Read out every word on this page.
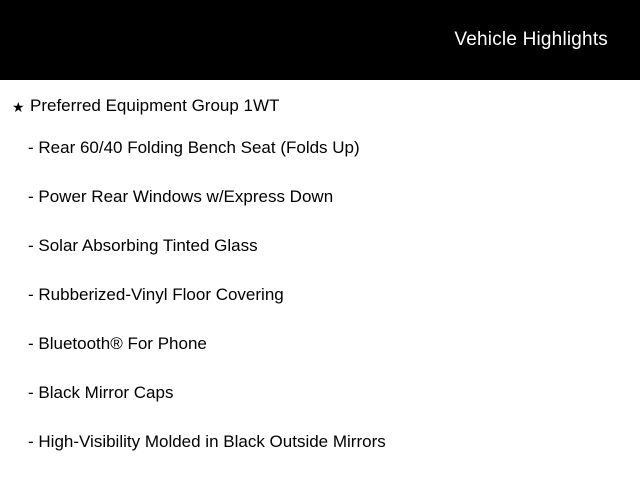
Vehicle Highlights
★ Preferred Equipment Group 1WT
- Rear 60/40 Folding Bench Seat (Folds Up)
- Power Rear Windows w/Express Down
- Solar Absorbing Tinted Glass
- Rubberized-Vinyl Floor Covering
- Bluetooth® For Phone
- Black Mirror Caps
- High-Visibility Molded in Black Outside Mirrors
